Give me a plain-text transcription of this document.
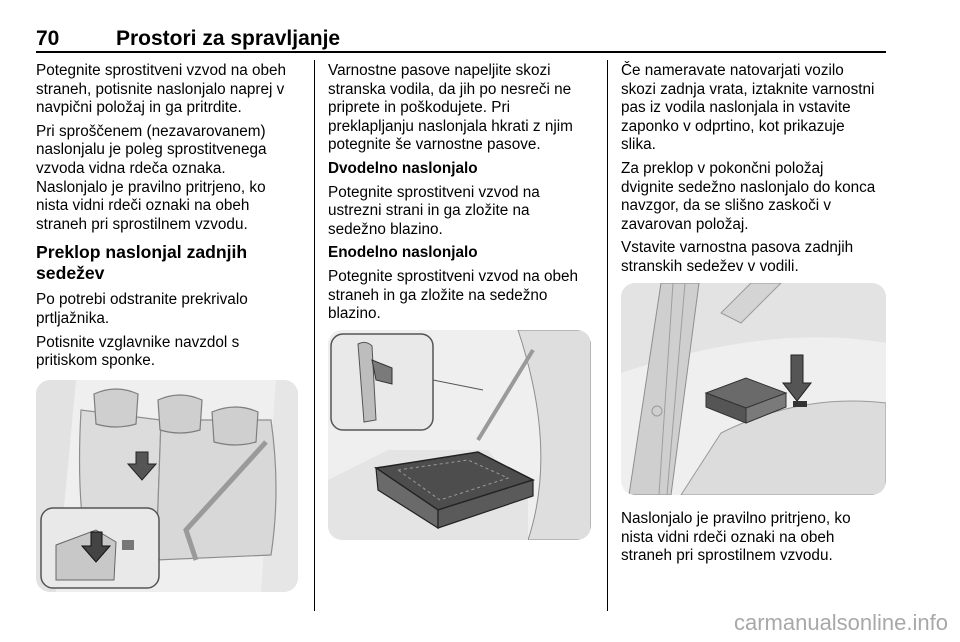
70	Prostori za spravljanje

Potegnite sprostitveni vzvod na obeh
straneh, potisnite naslonjalo naprej v
navpični položaj in ga pritrdite.

Pri sproščenem (nezavarovanem)
naslonjalu je poleg sprostitvenega
vzvoda vidna rdeča oznaka.
Naslonjalo je pravilno pritrjeno, ko
nista vidni rdeči oznaki na obeh
straneh pri sprostilnem vzvodu.

Preklop naslonjal zadnjih
sedežev

Po potrebi odstranite prekrivalo
prtljažnika.

Potisnite vzglavnike navzdol s
pritiskom sponke.

Varnostne pasove napeljite skozi
stranska vodila, da jih po nesreči ne
priprete in poškodujete. Pri
preklapljanju naslonjala hkrati z njim
potegnite še varnostne pasove.

Dvodelno naslonjalo

Potegnite sprostitveni vzvod na
ustrezni strani in ga zložite na
sedežno blazino.

Enodelno naslonjalo

Potegnite sprostitveni vzvod na obeh
straneh in ga zložite na sedežno
blazino.

Če nameravate natovarjati vozilo
skozi zadnja vrata, iztaknite varnostni
pas iz vodila naslonjala in vstavite
zaponko v odprtino, kot prikazuje
slika.

Za preklop v pokončni položaj
dvignite sedežno naslonjalo do konca
navzgor, da se slišno zaskoči v
zavarovan položaj.

Vstavite varnostna pasova zadnjih
stranskih sedežev v vodili.

Naslonjalo je pravilno pritrjeno, ko
nista vidni rdeči oznaki na obeh
straneh pri sprostilnem vzvodu.

carmanualsonline.info
